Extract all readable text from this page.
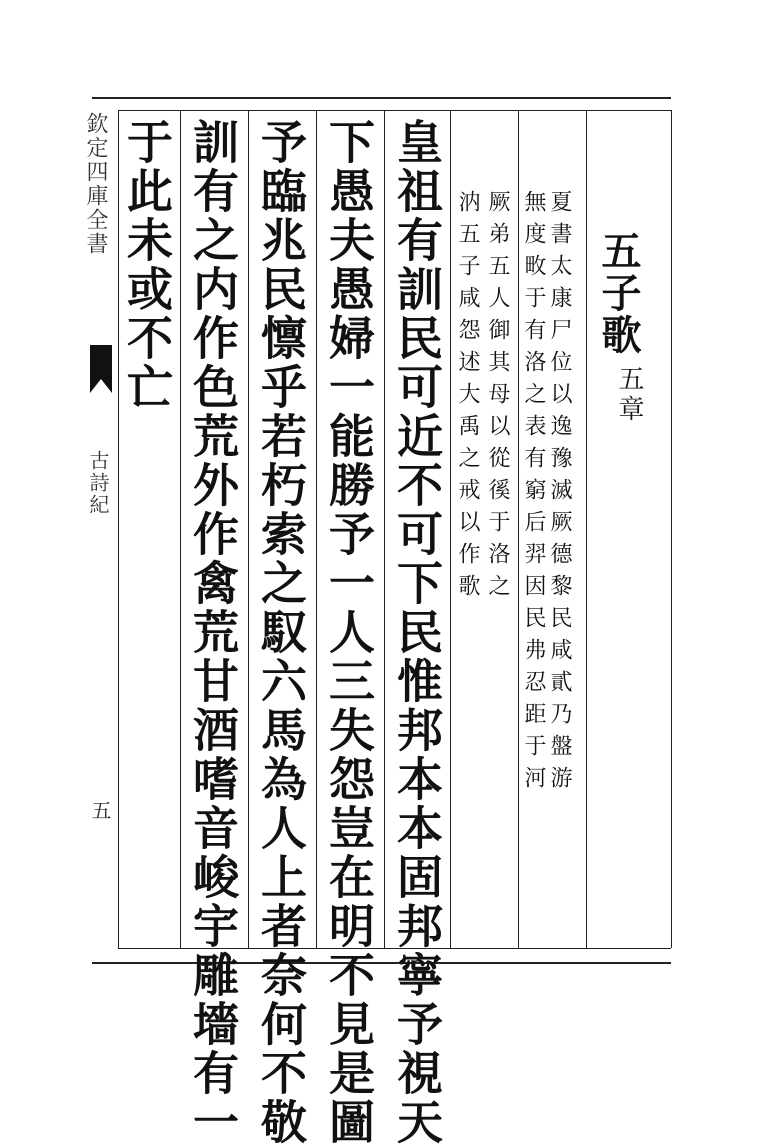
欽定四庫全書
古詩紀
五
五子歌
五章
夏書太康尸位以逸豫滅厥德黎民咸貳乃盤游
無度畋于有洛之表有窮后羿因民弗忍距于河
厥弟五人御其母以從徯于洛之
汭五子咸怨述大禹之戒以作歌
皇祖有訓民可近不可下民惟邦本本固邦寧予視天
下愚夫愚婦一能勝予一人三失怨豈在明不見是圖
予臨兆民懔乎若朽索之馭六馬為人上者奈何不敬
訓有之内作色荒外作禽荒甘酒嗜音峻宇雕墻有一
于此未或不亡
